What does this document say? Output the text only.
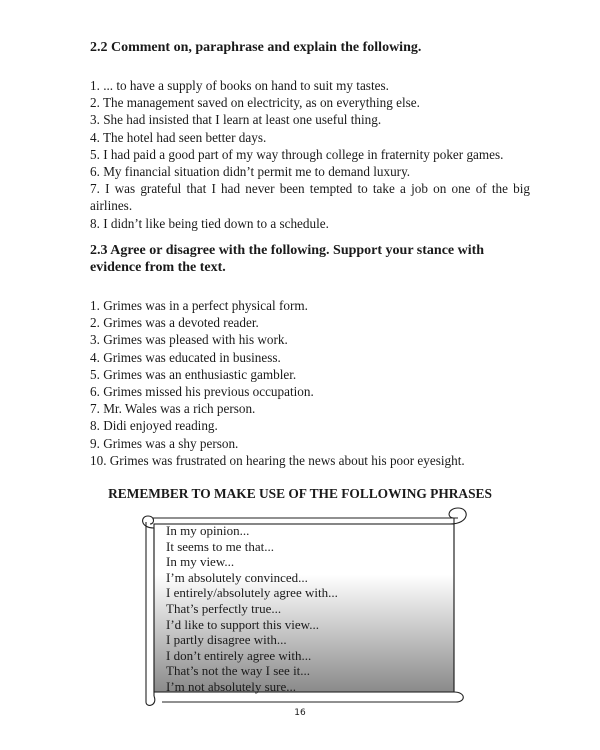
2.2 Comment on, paraphrase and explain the following.
1. ... to have a supply of books on hand to suit my tastes.
2. The management saved on electricity, as on everything else.
3. She had insisted that I learn at least one useful thing.
4. The hotel had seen better days.
5. I had paid a good part of my way through college in fraternity poker games.
6. My financial situation didn’t permit me to demand luxury.
7. I was grateful that I had never been tempted to take a job on one of the big
airlines.
8. I didn’t like being tied down to a schedule.
2.3 Agree or disagree with the following. Support your stance with evidence from the text.
1. Grimes was in a perfect physical form.
2. Grimes was a devoted reader.
3. Grimes was pleased with his work.
4. Grimes was educated in business.
5. Grimes was an enthusiastic gambler.
6. Grimes missed his previous occupation.
7. Mr. Wales was a rich person.
8. Didi enjoyed reading.
9. Grimes was a shy person.
10. Grimes was frustrated on hearing the news about his poor eyesight.
REMEMBER TO MAKE USE OF THE FOLLOWING PHRASES
In my opinion...
It seems to me that...
In my view...
I’m absolutely convinced...
I entirely/absolutely agree with...
That’s perfectly true...
I’d like to support this view...
I partly disagree with...
I don’t entirely agree with...
That’s not the way I see it...
I’m not absolutely sure...
16
